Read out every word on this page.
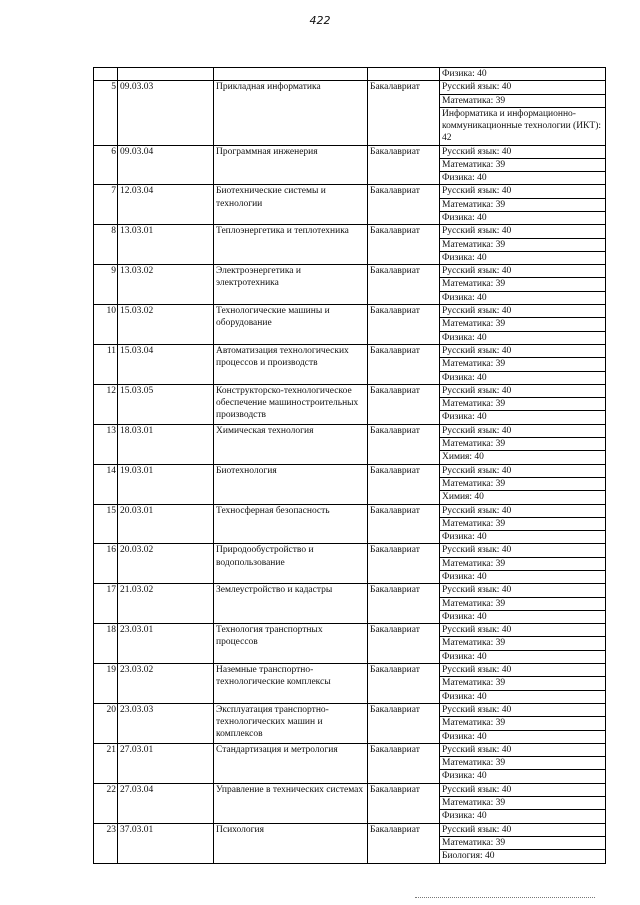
422
				Физика: 40
5	09.03.03	Прикладная информатика	Бакалавриат	Русский язык: 40
				Математика: 39
				Информатика и информационно-коммуникационные технологии (ИКТ): 42
6	09.03.04	Программная инженерия	Бакалавриат	Русский язык: 40
				Математика: 39
				Физика: 40
7	12.03.04	Биотехнические системы и технологии	Бакалавриат	Русский язык: 40
				Математика: 39
				Физика: 40
8	13.03.01	Теплоэнергетика и теплотехника	Бакалавриат	Русский язык: 40
				Математика: 39
				Физика: 40
9	13.03.02	Электроэнергетика и электротехника	Бакалавриат	Русский язык: 40
				Математика: 39
				Физика: 40
10	15.03.02	Технологические машины и оборудование	Бакалавриат	Русский язык: 40
				Математика: 39
				Физика: 40
11	15.03.04	Автоматизация технологических процессов и производств	Бакалавриат	Русский язык: 40
				Математика: 39
				Физика: 40
12	15.03.05	Конструкторско-технологическое обеспечение машиностроительных производств	Бакалавриат	Русский язык: 40
				Математика: 39
				Физика: 40
13	18.03.01	Химическая технология	Бакалавриат	Русский язык: 40
				Математика: 39
				Химия: 40
14	19.03.01	Биотехнология	Бакалавриат	Русский язык: 40
				Математика: 39
				Химия: 40
15	20.03.01	Техносферная безопасность	Бакалавриат	Русский язык: 40
				Математика: 39
				Физика: 40
16	20.03.02	Природообустройство и водопользование	Бакалавриат	Русский язык: 40
				Математика: 39
				Физика: 40
17	21.03.02	Землеустройство и кадастры	Бакалавриат	Русский язык: 40
				Математика: 39
				Физика: 40
18	23.03.01	Технология транспортных процессов	Бакалавриат	Русский язык: 40
				Математика: 39
				Физика: 40
19	23.03.02	Наземные транспортно-технологические комплексы	Бакалавриат	Русский язык: 40
				Математика: 39
				Физика: 40
20	23.03.03	Эксплуатация транспортно-технологических машин и комплексов	Бакалавриат	Русский язык: 40
				Математика: 39
				Физика: 40
21	27.03.01	Стандартизация и метрология	Бакалавриат	Русский язык: 40
				Математика: 39
				Физика: 40
22	27.03.04	Управление в технических системах	Бакалавриат	Русский язык: 40
				Математика: 39
				Физика: 40
23	37.03.01	Психология	Бакалавриат	Русский язык: 40
				Математика: 39
				Биология: 40
